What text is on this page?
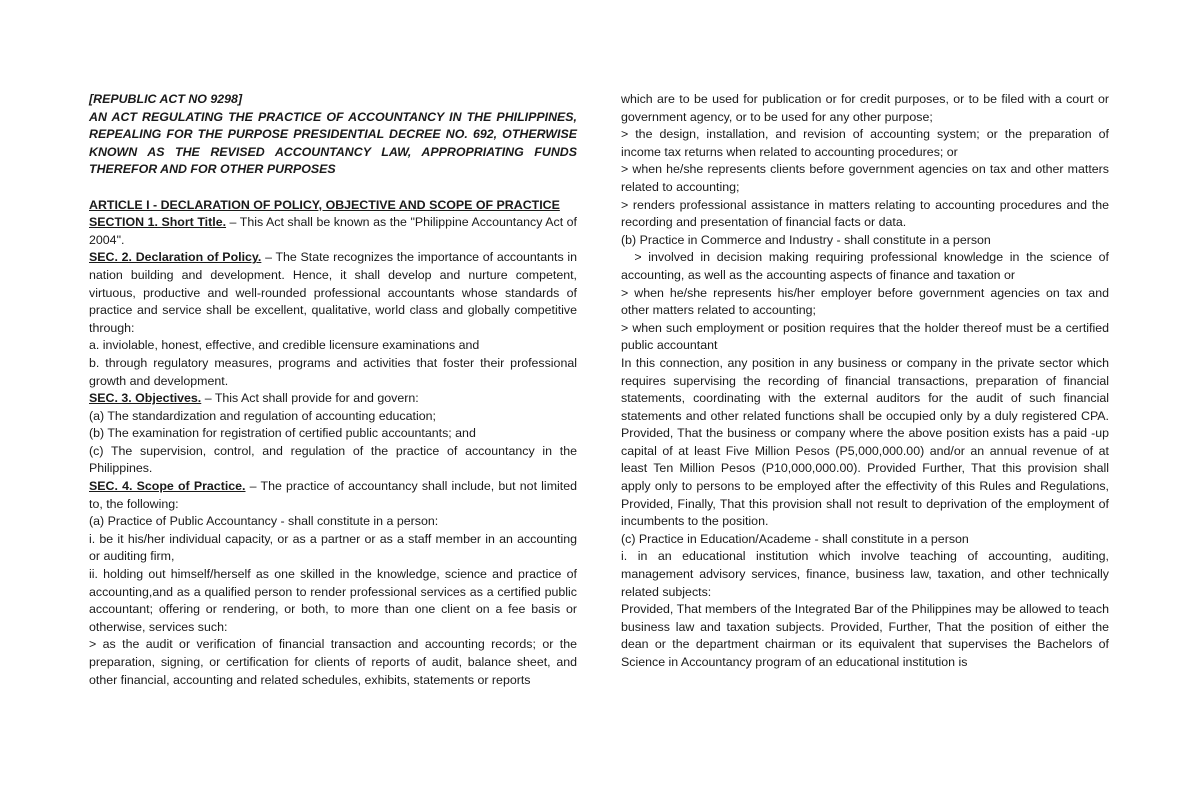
[REPUBLIC ACT NO 9298]

AN ACT REGULATING THE PRACTICE OF ACCOUNTANCY IN THE PHILIPPINES, REPEALING FOR THE PURPOSE PRESIDENTIAL DECREE NO. 692, OTHERWISE KNOWN AS THE REVISED ACCOUNTANCY LAW, APPROPRIATING FUNDS THEREFOR AND FOR OTHER PURPOSES

ARTICLE I - DECLARATION OF POLICY, OBJECTIVE AND SCOPE OF PRACTICE

SECTION 1. Short Title. – This Act shall be known as the "Philippine Accountancy Act of 2004".

SEC. 2. Declaration of Policy. – The State recognizes the importance of accountants in nation building and development. Hence, it shall develop and nurture competent, virtuous, productive and well-rounded professional accountants whose standards of practice and service shall be excellent, qualitative, world class and globally competitive through:

a. inviolable, honest, effective, and credible licensure examinations and

b. through regulatory measures, programs and activities that foster their professional growth and development.

SEC. 3. Objectives. – This Act shall provide for and govern:

(a) The standardization and regulation of accounting education;

(b) The examination for registration of certified public accountants; and

(c) The supervision, control, and regulation of the practice of accountancy in the Philippines.

SEC. 4. Scope of Practice. – The practice of accountancy shall include, but not limited to, the following:

(a) Practice of Public Accountancy - shall constitute in a person:

i. be it his/her individual capacity, or as a partner or as a staff member in an accounting or auditing firm,

ii. holding out himself/herself as one skilled in the knowledge, science and practice of accounting,and as a qualified person to render professional services as a certified public accountant; offering or rendering, or both, to more than one client on a fee basis or otherwise, services such:

> as the audit or verification of financial transaction and accounting records; or the preparation, signing, or certification for clients of reports of audit, balance sheet, and other financial, accounting and related schedules, exhibits, statements or reports

which are to be used for publication or for credit purposes, or to be filed with a court or government agency, or to be used for any other purpose;

> the design, installation, and revision of accounting system; or the preparation of income tax returns when related to accounting procedures; or

> when he/she represents clients before government agencies on tax and other matters related to accounting;

> renders professional assistance in matters relating to accounting procedures and the recording and presentation of financial facts or data.

(b) Practice in Commerce and Industry - shall constitute in a person

> involved in decision making requiring professional knowledge in the science of accounting, as well as the accounting aspects of finance and taxation or

> when he/she represents his/her employer before government agencies on tax and other matters related to accounting;

> when such employment or position requires that the holder thereof must be a certified public accountant

In this connection, any position in any business or company in the private sector which requires supervising the recording of financial transactions, preparation of financial statements, coordinating with the external auditors for the audit of such financial statements and other related functions shall be occupied only by a duly registered CPA. Provided, That the business or company where the above position exists has a paid -up capital of at least Five Million Pesos (P5,000,000.00) and/or an annual revenue of at least Ten Million Pesos (P10,000,000.00). Provided Further, That this provision shall apply only to persons to be employed after the effectivity of this Rules and Regulations, Provided, Finally, That this provision shall not result to deprivation of the employment of incumbents to the position.

(c) Practice in Education/Academe - shall constitute in a person

i. in an educational institution which involve teaching of accounting, auditing, management advisory services, finance, business law, taxation, and other technically related subjects:

Provided, That members of the Integrated Bar of the Philippines may be allowed to teach business law and taxation subjects. Provided, Further, That the position of either the dean or the department chairman or its equivalent that supervises the Bachelors of Science in Accountancy program of an educational institution is
